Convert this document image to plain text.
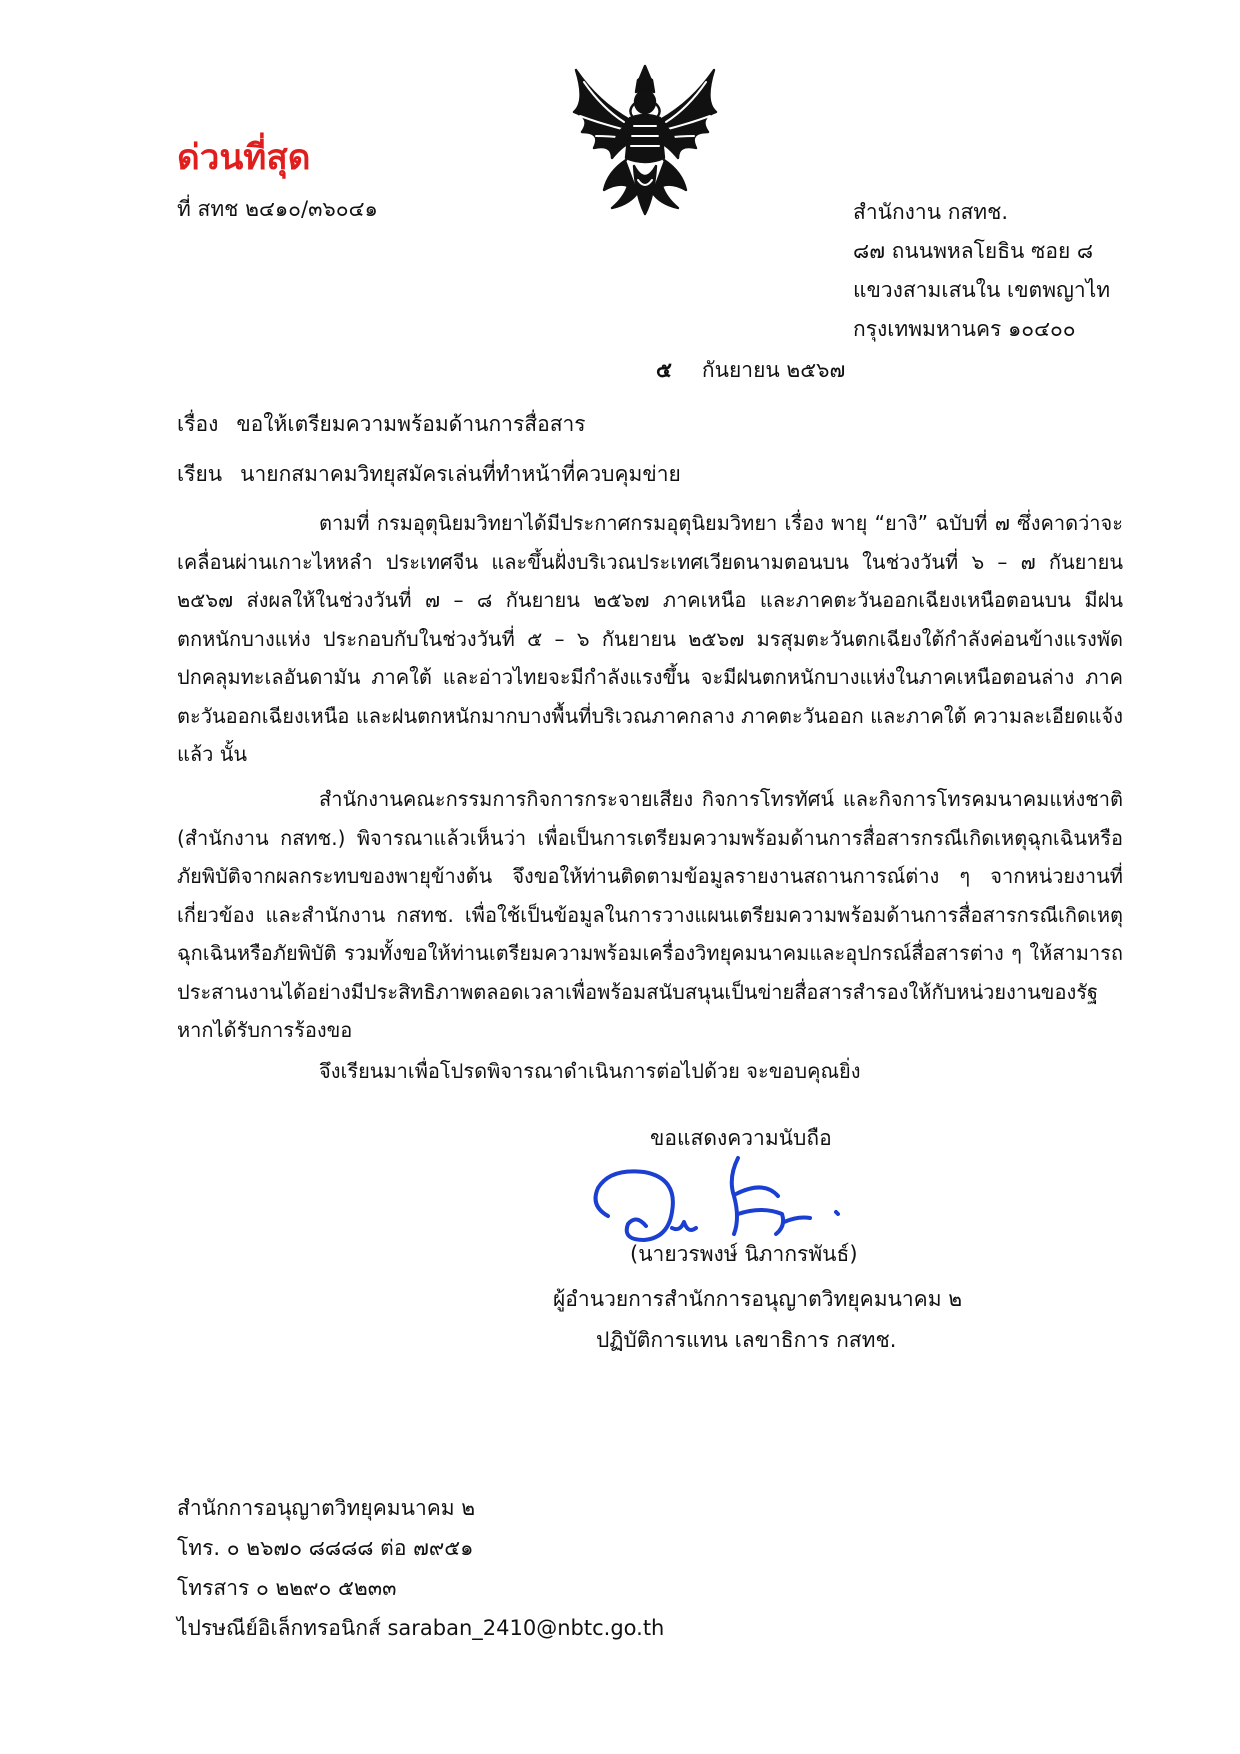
ด่วนที่สุด
ที่ สทช ๒๔๑๐/๓๖๐๔๑	สำนักงาน กสทช.
๘๗ ถนนพหลโยธิน ซอย ๘
แขวงสามเสนใน เขตพญาไท
กรุงเทพมหานคร ๑๐๔๐๐
๕ กันยายน ๒๕๖๗
เรื่อง ขอให้เตรียมความพร้อมด้านการสื่อสาร
เรียน นายกสมาคมวิทยุสมัครเล่นที่ทำหน้าที่ควบคุมข่าย

ตามที่ กรมอุตุนิยมวิทยาได้มีประกาศกรมอุตุนิยมวิทยา เรื่อง พายุ “ยางิ” ฉบับที่ ๗ ซึ่งคาดว่าจะเคลื่อนผ่านเกาะไหหลำ ประเทศจีน และขึ้นฝั่งบริเวณประเทศเวียดนามตอนบน ในช่วงวันที่ ๖ – ๗ กันยายน ๒๕๖๗ ส่งผลให้ในช่วงวันที่ ๗ – ๘ กันยายน ๒๕๖๗ ภาคเหนือ และภาคตะวันออกเฉียงเหนือตอนบน มีฝนตกหนักบางแห่ง ประกอบกับในช่วงวันที่ ๕ – ๖ กันยายน ๒๕๖๗ มรสุมตะวันตกเฉียงใต้กำลังค่อนข้างแรงพัดปกคลุมทะเลอันดามัน ภาคใต้ และอ่าวไทยจะมีกำลังแรงขึ้น จะมีฝนตกหนักบางแห่งในภาคเหนือตอนล่าง ภาคตะวันออกเฉียงเหนือ และฝนตกหนักมากบางพื้นที่บริเวณภาคกลาง ภาคตะวันออก และภาคใต้ ความละเอียดแจ้งแล้ว นั้น

สำนักงานคณะกรรมการกิจการกระจายเสียง กิจการโทรทัศน์ และกิจการโทรคมนาคมแห่งชาติ (สำนักงาน กสทช.) พิจารณาแล้วเห็นว่า เพื่อเป็นการเตรียมความพร้อมด้านการสื่อสารกรณีเกิดเหตุฉุกเฉินหรือภัยพิบัติจากผลกระทบของพายุข้างต้น จึงขอให้ท่านติดตามข้อมูลรายงานสถานการณ์ต่าง ๆ จากหน่วยงานที่เกี่ยวข้อง และสำนักงาน กสทช. เพื่อใช้เป็นข้อมูลในการวางแผนเตรียมความพร้อมด้านการสื่อสารกรณีเกิดเหตุฉุกเฉินหรือภัยพิบัติ รวมทั้งขอให้ท่านเตรียมความพร้อมเครื่องวิทยุคมนาคมและอุปกรณ์สื่อสารต่าง ๆ ให้สามารถประสานงานได้อย่างมีประสิทธิภาพตลอดเวลาเพื่อพร้อมสนับสนุนเป็นข่ายสื่อสารสำรองให้กับหน่วยงานของรัฐหากได้รับการร้องขอ

จึงเรียนมาเพื่อโปรดพิจารณาดำเนินการต่อไปด้วย จะขอบคุณยิ่ง

ขอแสดงความนับถือ
(นายวรพงษ์ นิภากรพันธ์)
ผู้อำนวยการสำนักการอนุญาตวิทยุคมนาคม ๒
ปฏิบัติการแทน เลขาธิการ กสทช.
สำนักการอนุญาตวิทยุคมนาคม ๒
โทร. ๐ ๒๖๗๐ ๘๘๘๘ ต่อ ๗๙๕๑
โทรสาร ๐ ๒๒๙๐ ๕๒๓๓
ไปรษณีย์อิเล็กทรอนิกส์ saraban_2410@nbtc.go.th
